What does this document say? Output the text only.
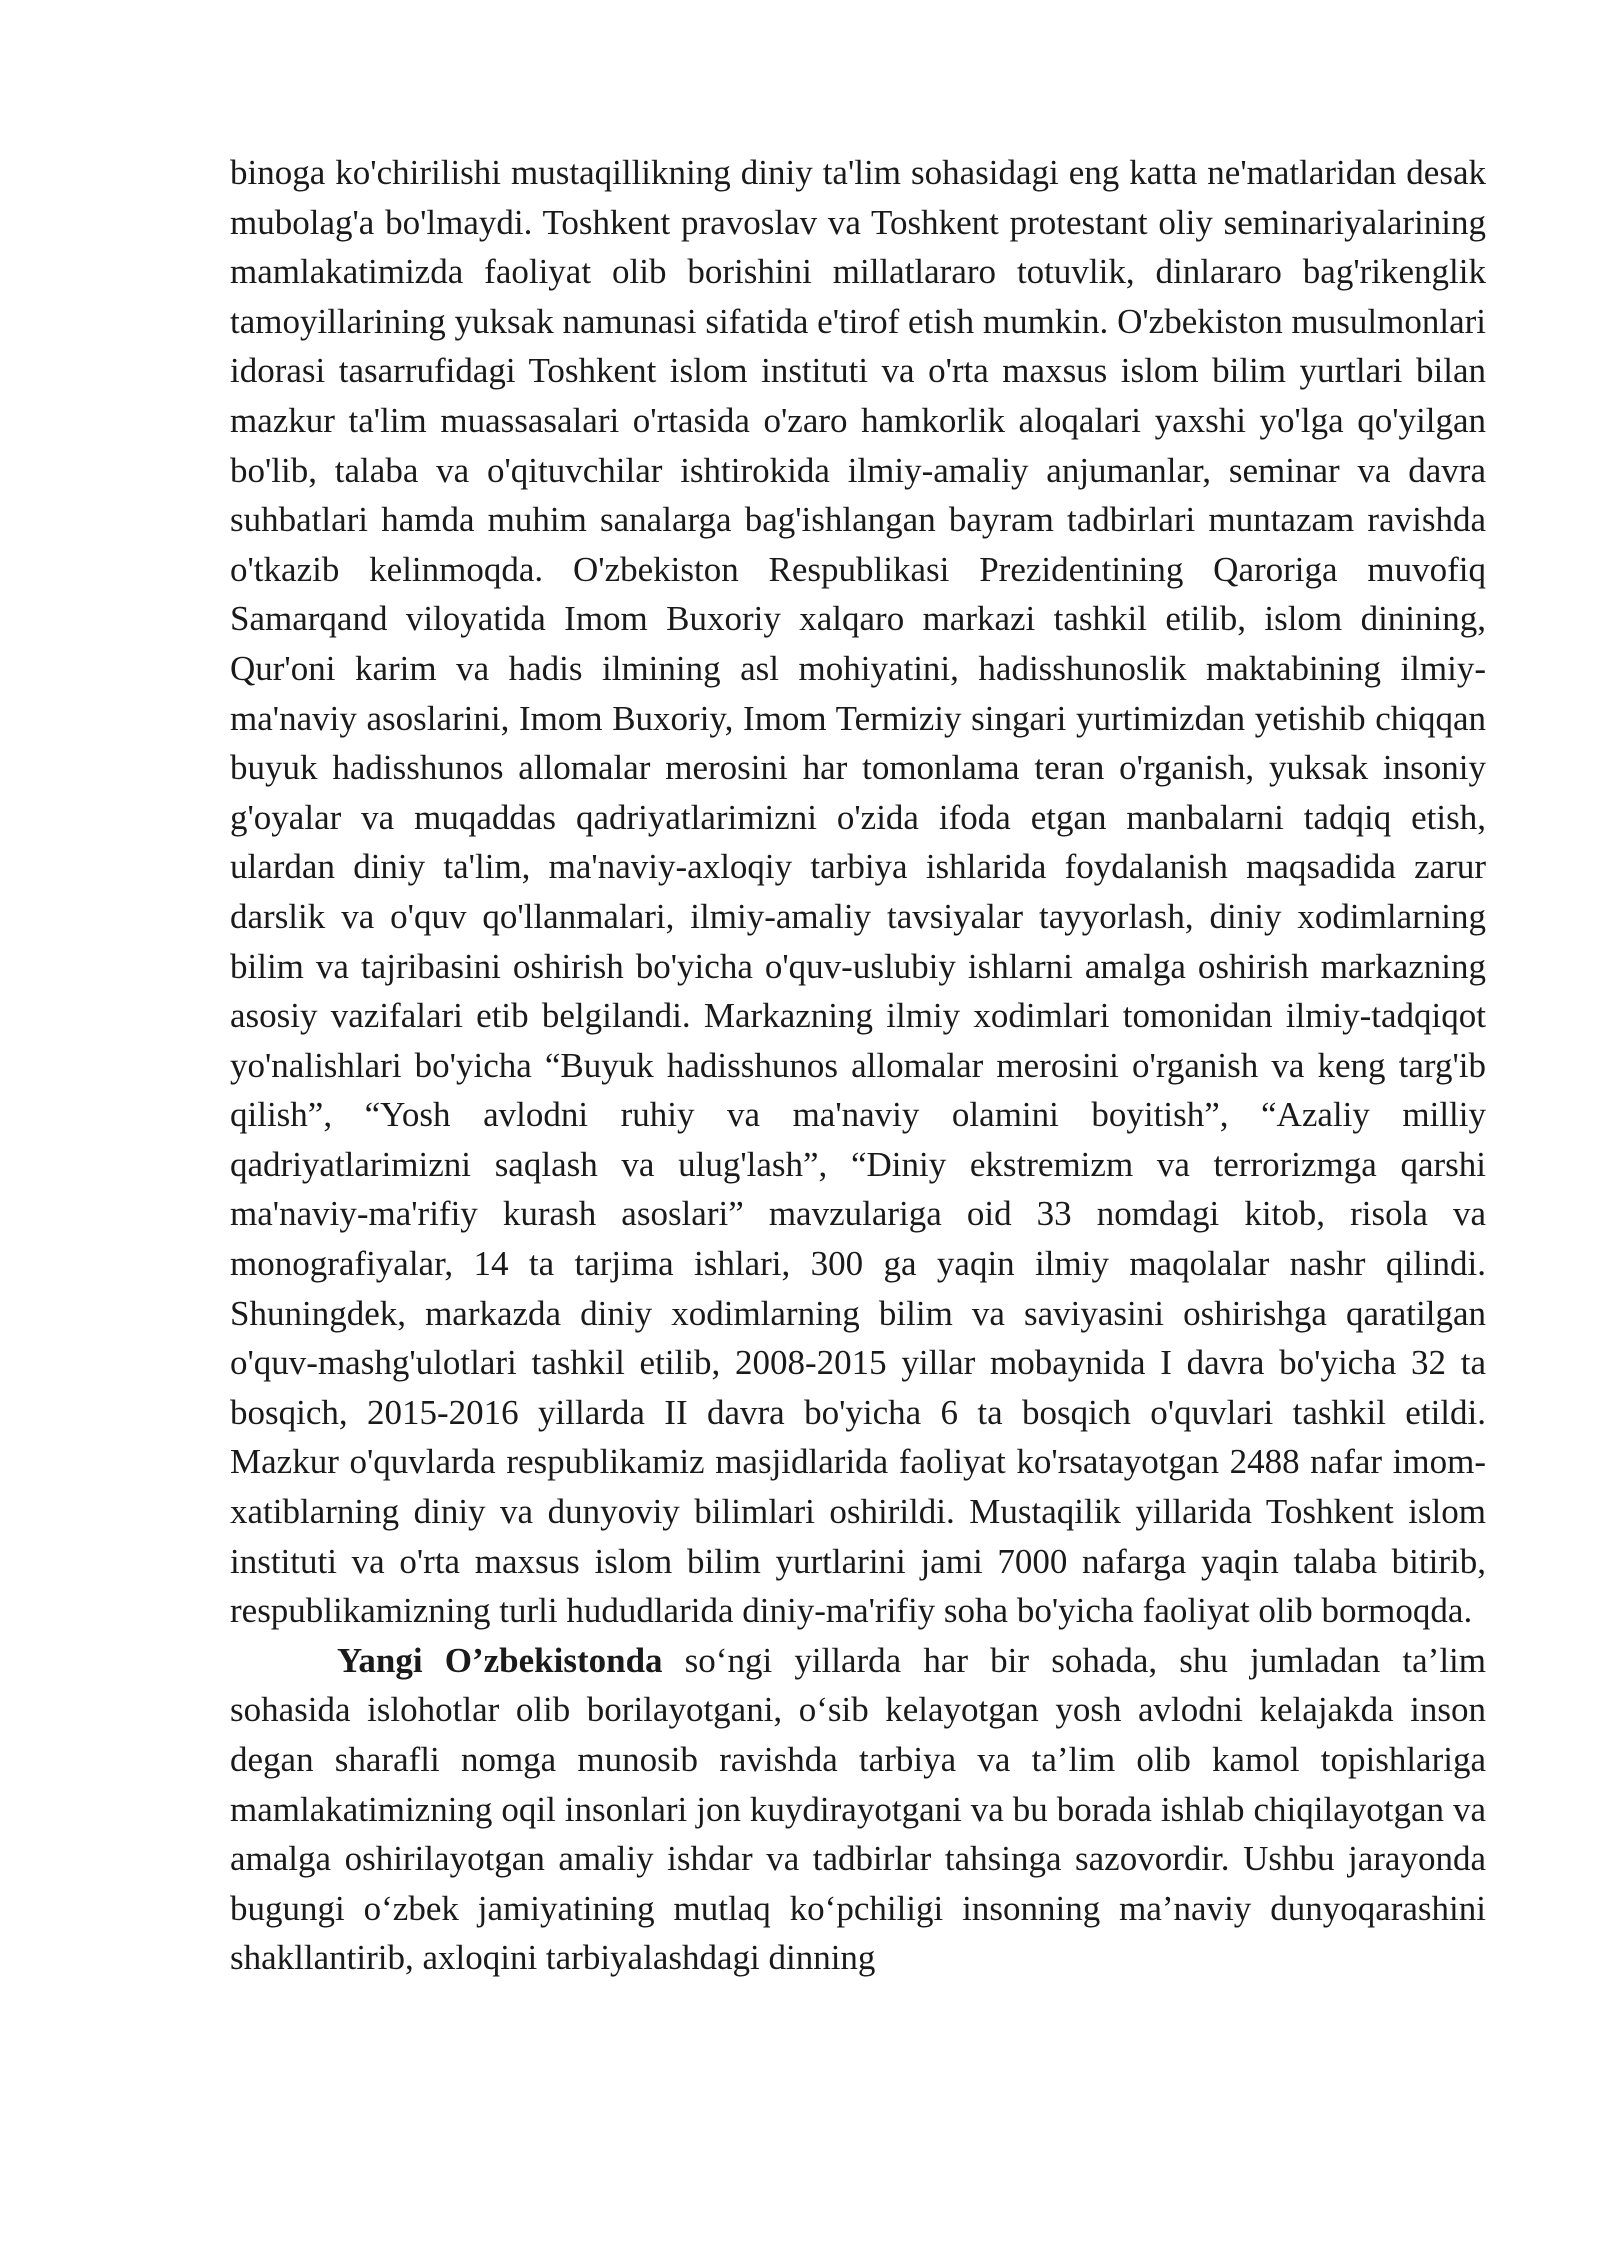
binoga ko'chirilishi mustaqillikning diniy ta'lim sohasidagi eng katta ne'matlaridan desak mubolag'a bo'lmaydi. Toshkent pravoslav va Toshkent protestant oliy seminariyalarining mamlakatimizda faoliyat olib borishini millatlararo totuvlik, dinlararo bag'rikenglik tamoyillarining yuksak namunasi sifatida e'tirof etish mumkin. O'zbekiston musulmonlari idorasi tasarrufidagi Toshkent islom instituti va o'rta maxsus islom bilim yurtlari bilan mazkur ta'lim muassasalari o'rtasida o'zaro hamkorlik aloqalari yaxshi yo'lga qo'yilgan bo'lib, talaba va o'qituvchilar ishtirokida ilmiy-amaliy anjumanlar, seminar va davra suhbatlari hamda muhim sanalarga bag'ishlangan bayram tadbirlari muntazam ravishda o'tkazib kelinmoqda. O'zbekiston Respublikasi Prezidentining Qaroriga muvofiq Samarqand viloyatida Imom Buxoriy xalqaro markazi tashkil etilib, islom dinining, Qur'oni karim va hadis ilmining asl mohiyatini, hadisshunoslik maktabining ilmiy-ma'naviy asoslarini, Imom Buxoriy, Imom Termiziy singari yurtimizdan yetishib chiqqan buyuk hadisshunos allomalar merosini har tomonlama teran o'rganish, yuksak insoniy g'oyalar va muqaddas qadriyatlarimizni o'zida ifoda etgan manbalarni tadqiq etish, ulardan diniy ta'lim, ma'naviy-axloqiy tarbiya ishlarida foydalanish maqsadida zarur darslik va o'quv qo'llanmalari, ilmiy-amaliy tavsiyalar tayyorlash, diniy xodimlarning bilim va tajribasini oshirish bo'yicha o'quv-uslubiy ishlarni amalga oshirish markazning asosiy vazifalari etib belgilandi. Markazning ilmiy xodimlari tomonidan ilmiy-tadqiqot yo'nalishlari bo'yicha “Buyuk hadisshunos allomalar merosini o'rganish va keng targ'ib qilish”, “Yosh avlodni ruhiy va ma'naviy olamini boyitish”, “Azaliy milliy qadriyatlarimizni saqlash va ulug'lash”, “Diniy ekstremizm va terrorizmga qarshi ma'naviy-ma'rifiy kurash asoslari” mavzulariga oid 33 nomdagi kitob, risola va monografiyalar, 14 ta tarjima ishlari, 300 ga yaqin ilmiy maqolalar nashr qilindi. Shuningdek, markazda diniy xodimlarning bilim va saviyasini oshirishga qaratilgan o'quv-mashg'ulotlari tashkil etilib, 2008-2015 yillar mobaynida I davra bo'yicha 32 ta bosqich, 2015-2016 yillarda II davra bo'yicha 6 ta bosqich o'quvlari tashkil etildi. Mazkur o'quvlarda respublikamiz masjidlarida faoliyat ko'rsatayotgan 2488 nafar imom-xatiblarning diniy va dunyoviy bilimlari oshirildi. Mustaqilik yillarida Toshkent islom instituti va o'rta maxsus islom bilim yurtlarini jami 7000 nafarga yaqin talaba bitirib, respublikamizning turli hududlarida diniy-ma'rifiy soha bo'yicha faoliyat olib bormoqda.

Yangi O’zbekistonda so‘ngi yillarda har bir sohada, shu jumladan ta’lim sohasida islohotlar olib borilayotgani, o‘sib kelayotgan yosh avlodni kelajakda inson degan sharafli nomga munosib ravishda tarbiya va ta’lim olib kamol topishlariga mamlakatimizning oqil insonlari jon kuydirayotgani va bu borada ishlab chiqilayotgan va amalga oshirilayotgan amaliy ishdar va tadbirlar tahsinga sazovordir. Ushbu jarayonda bugungi o‘zbek jamiyatining mutlaq ko‘pchiligi insonning ma’naviy dunyoqarashini shakllantirib, axloqini tarbiyalashdagi dinning
